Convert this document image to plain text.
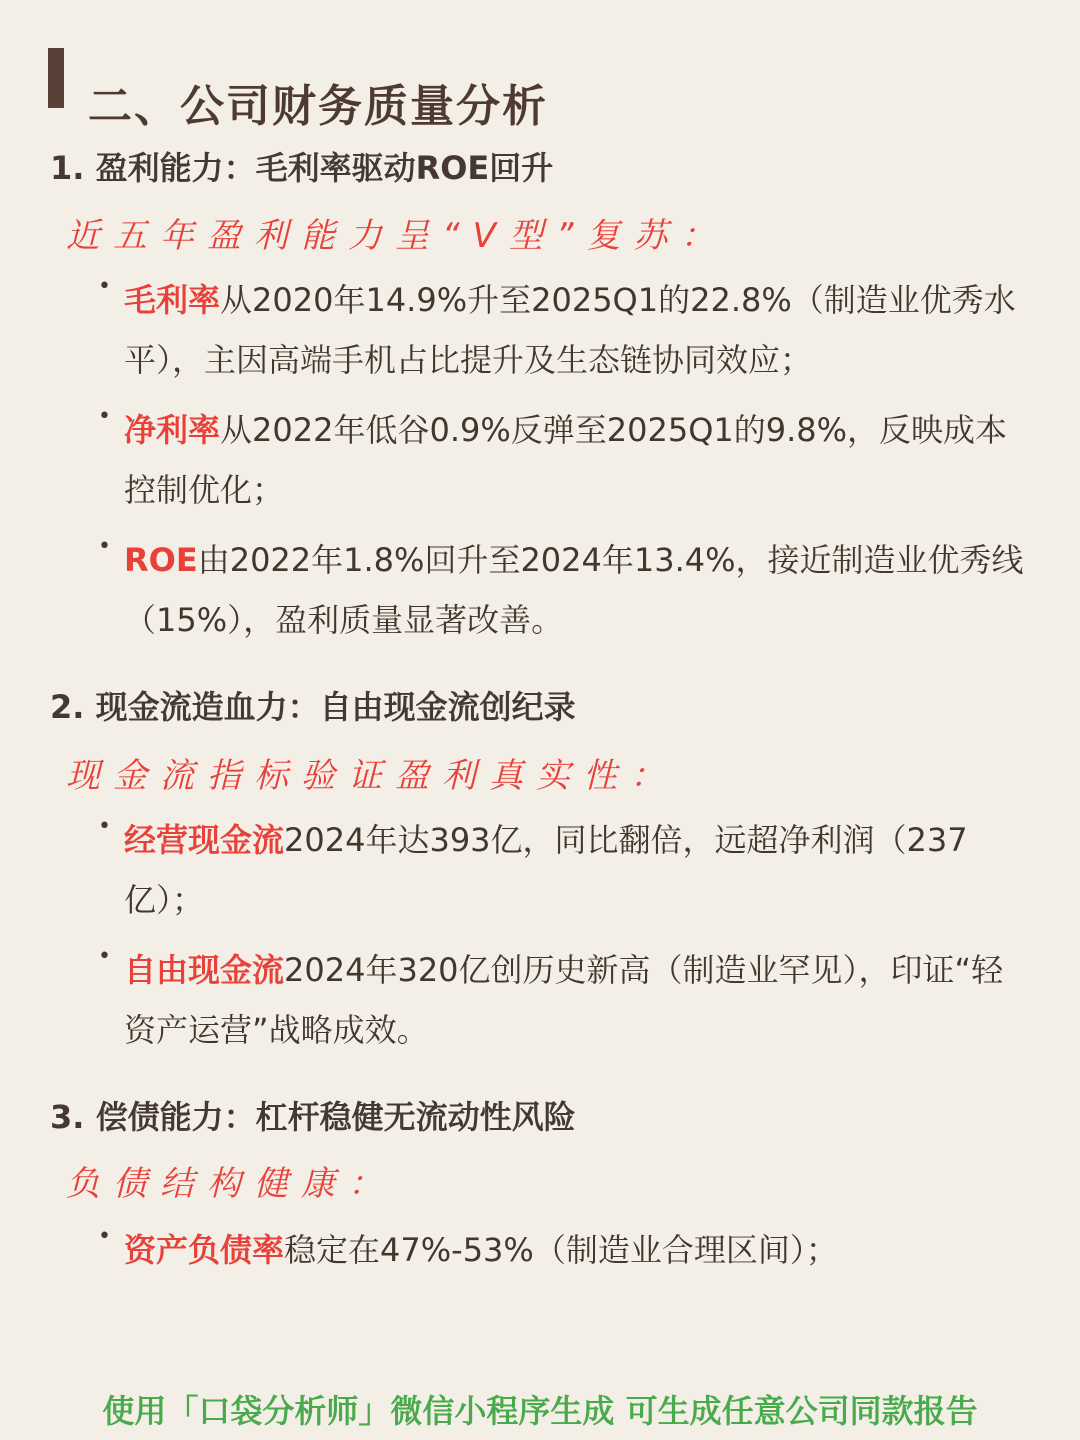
二、公司财务质量分析
1. 盈利能力：毛利率驱动ROE回升
近五年盈利能力呈“V型”复苏：
• 毛利率从2020年14.9%升至2025Q1的22.8%（制造业优秀水平），主因高端手机占比提升及生态链协同效应；
• 净利率从2022年低谷0.9%反弹至2025Q1的9.8%，反映成本控制优化；
• ROE由2022年1.8%回升至2024年13.4%，接近制造业优秀线（15%），盈利质量显著改善。
2. 现金流造血力：自由现金流创纪录
现金流指标验证盈利真实性：
• 经营现金流2024年达393亿，同比翻倍，远超净利润（237亿）；
• 自由现金流2024年320亿创历史新高（制造业罕见），印证“轻资产运营”战略成效。
3. 偿债能力：杠杆稳健无流动性风险
负债结构健康：
• 资产负债率稳定在47%-53%（制造业合理区间）；
使用「口袋分析师」微信小程序生成 可生成任意公司同款报告
